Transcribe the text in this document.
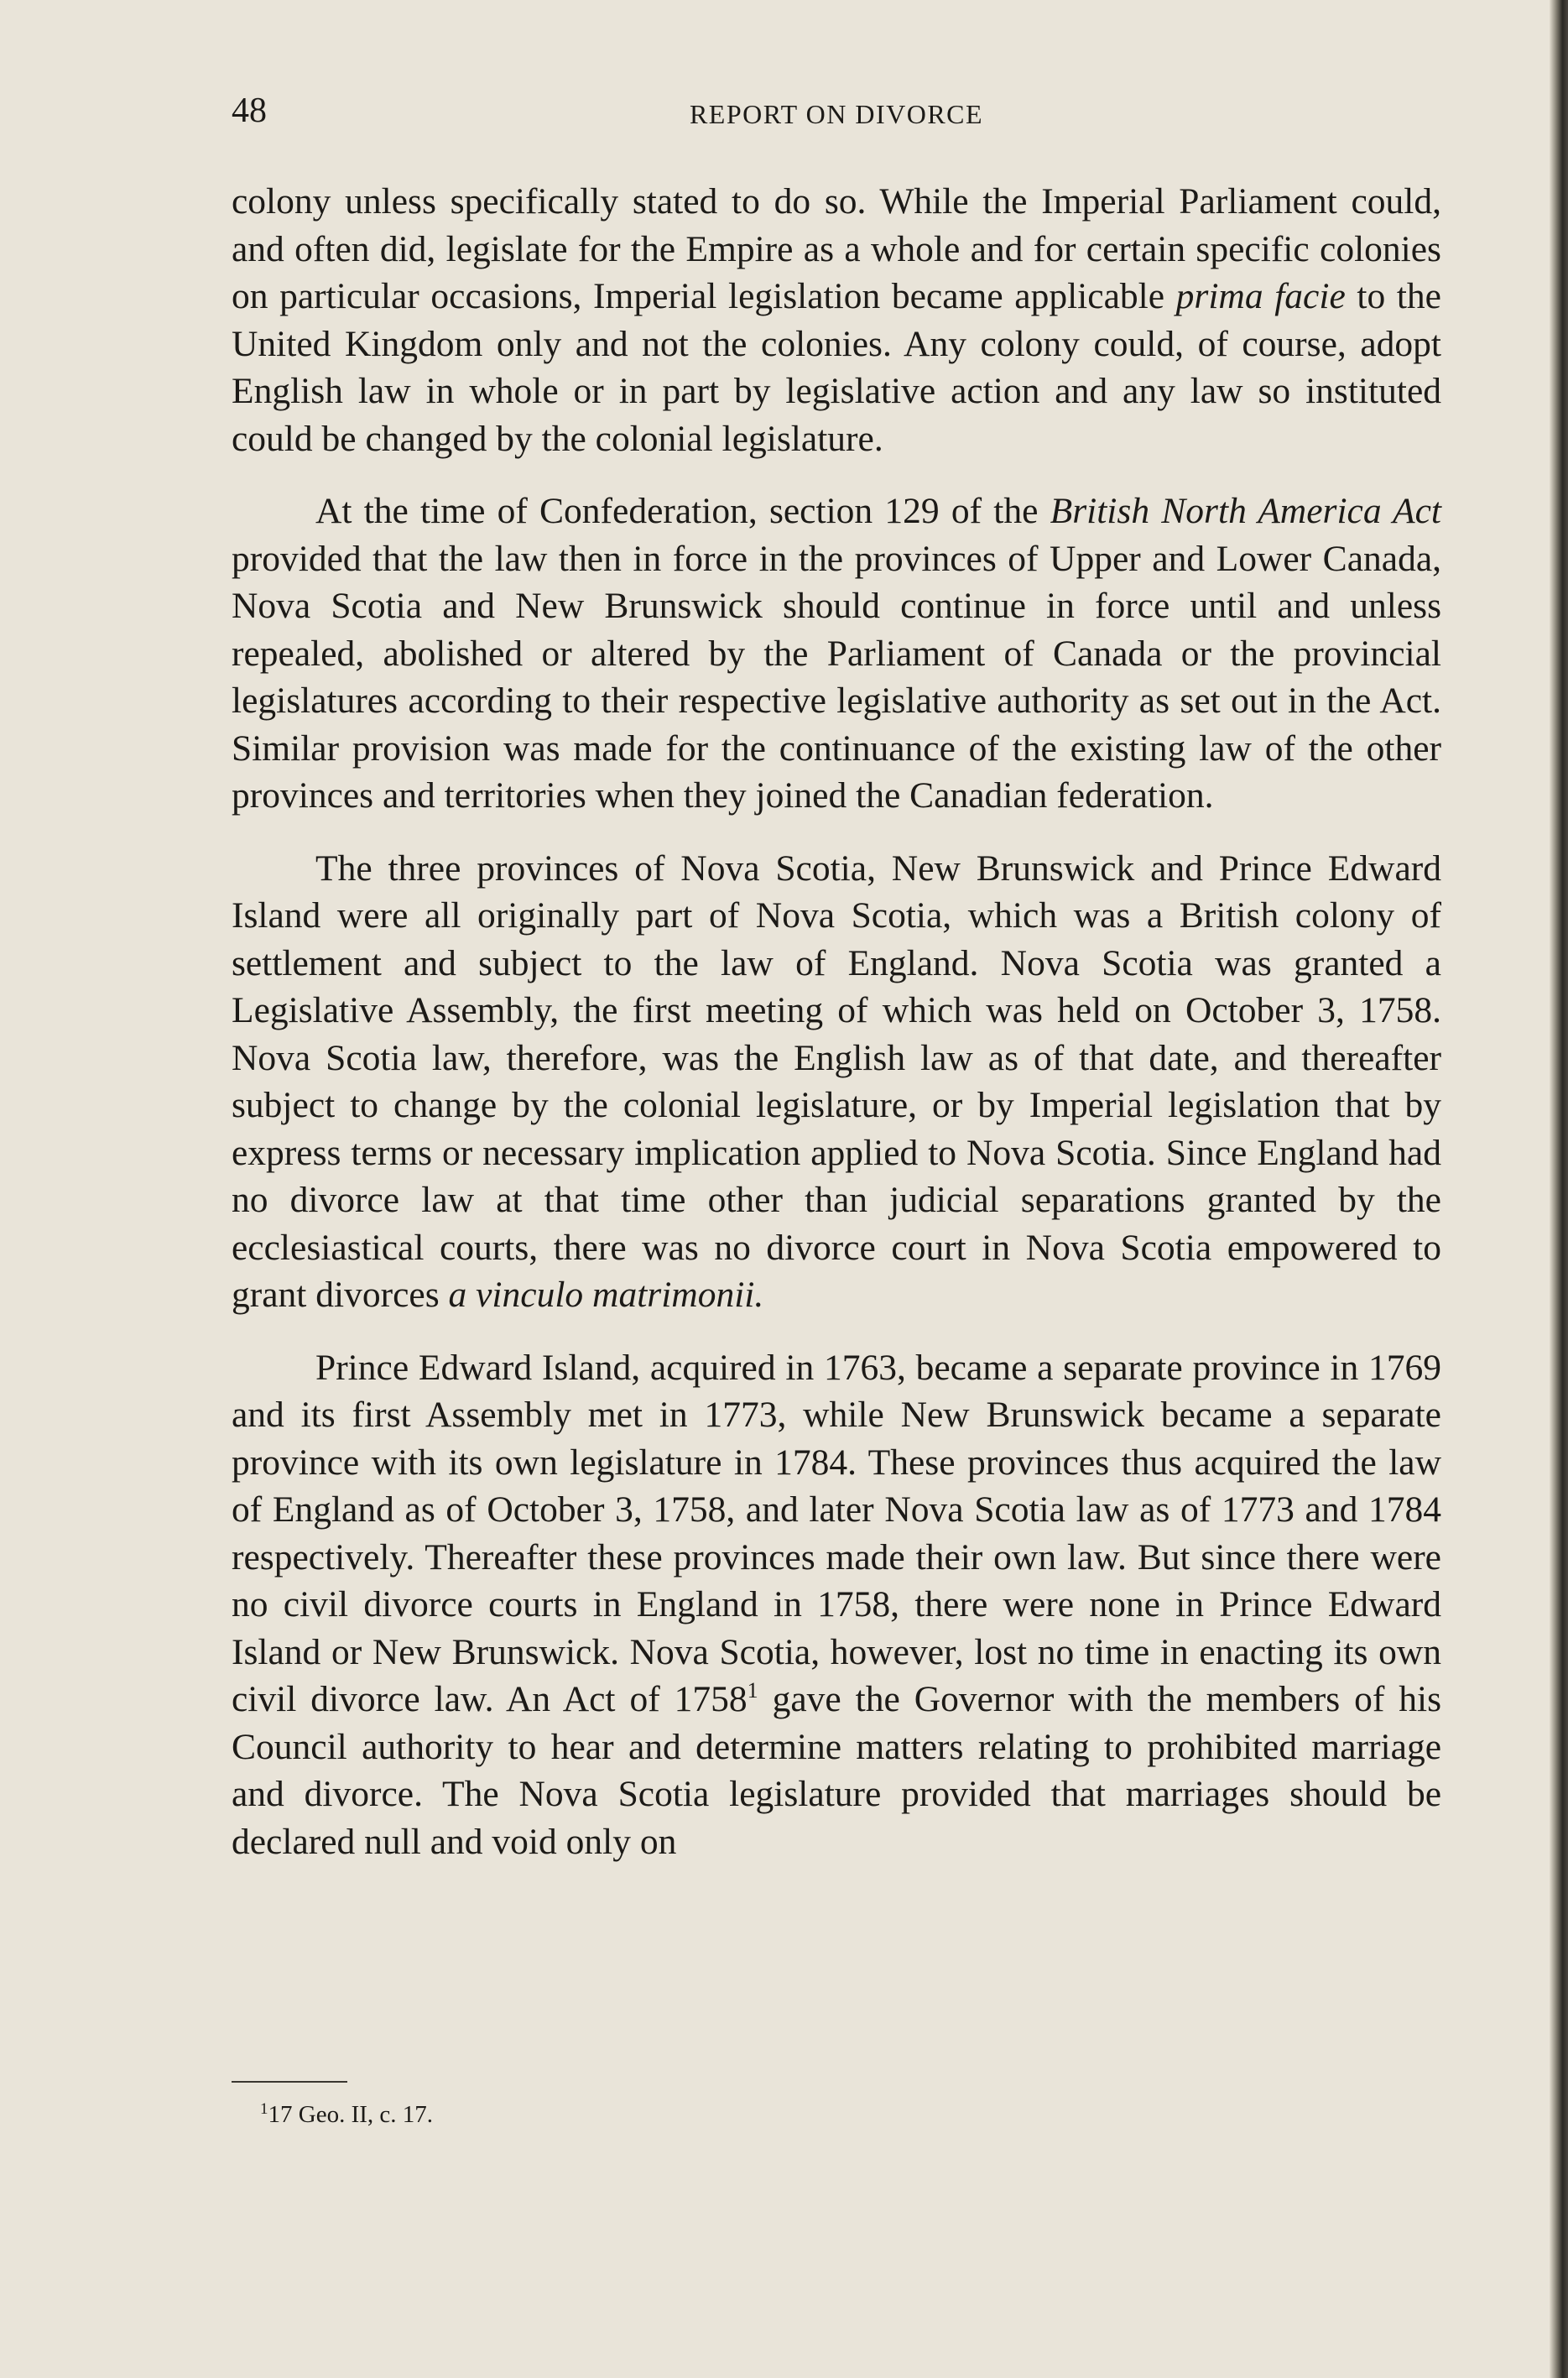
48	REPORT ON DIVORCE

colony unless specifically stated to do so. While the Imperial Parliament could, and often did, legislate for the Empire as a whole and for certain specific colonies on particular occasions, Imperial legislation became applicable prima facie to the United Kingdom only and not the colonies. Any colony could, of course, adopt English law in whole or in part by legislative action and any law so instituted could be changed by the colonial legislature.

At the time of Confederation, section 129 of the British North America Act provided that the law then in force in the provinces of Upper and Lower Canada, Nova Scotia and New Brunswick should continue in force until and unless repealed, abolished or altered by the Parliament of Canada or the provincial legislatures according to their respective legislative authority as set out in the Act. Similar provision was made for the continuance of the existing law of the other provinces and territories when they joined the Canadian federation.

The three provinces of Nova Scotia, New Brunswick and Prince Edward Island were all originally part of Nova Scotia, which was a British colony of settlement and subject to the law of England. Nova Scotia was granted a Legislative Assembly, the first meeting of which was held on October 3, 1758. Nova Scotia law, therefore, was the English law as of that date, and thereafter subject to change by the colonial legislature, or by Imperial legislation that by express terms or necessary implication applied to Nova Scotia. Since England had no divorce law at that time other than judicial separations granted by the ecclesiastical courts, there was no divorce court in Nova Scotia empowered to grant divorces a vinculo matrimonii.

Prince Edward Island, acquired in 1763, became a separate province in 1769 and its first Assembly met in 1773, while New Brunswick became a separate province with its own legislature in 1784. These provinces thus acquired the law of England as of October 3, 1758, and later Nova Scotia law as of 1773 and 1784 respectively. Thereafter these provinces made their own law. But since there were no civil divorce courts in England in 1758, there were none in Prince Edward Island or New Brunswick. Nova Scotia, however, lost no time in enacting its own civil divorce law. An Act of 1758$^1$ gave the Governor with the members of his Council authority to hear and determine matters relating to prohibited marriage and divorce. The Nova Scotia legislature provided that marriages should be declared null and void only on

$^1$17 Geo. II, c. 17.
